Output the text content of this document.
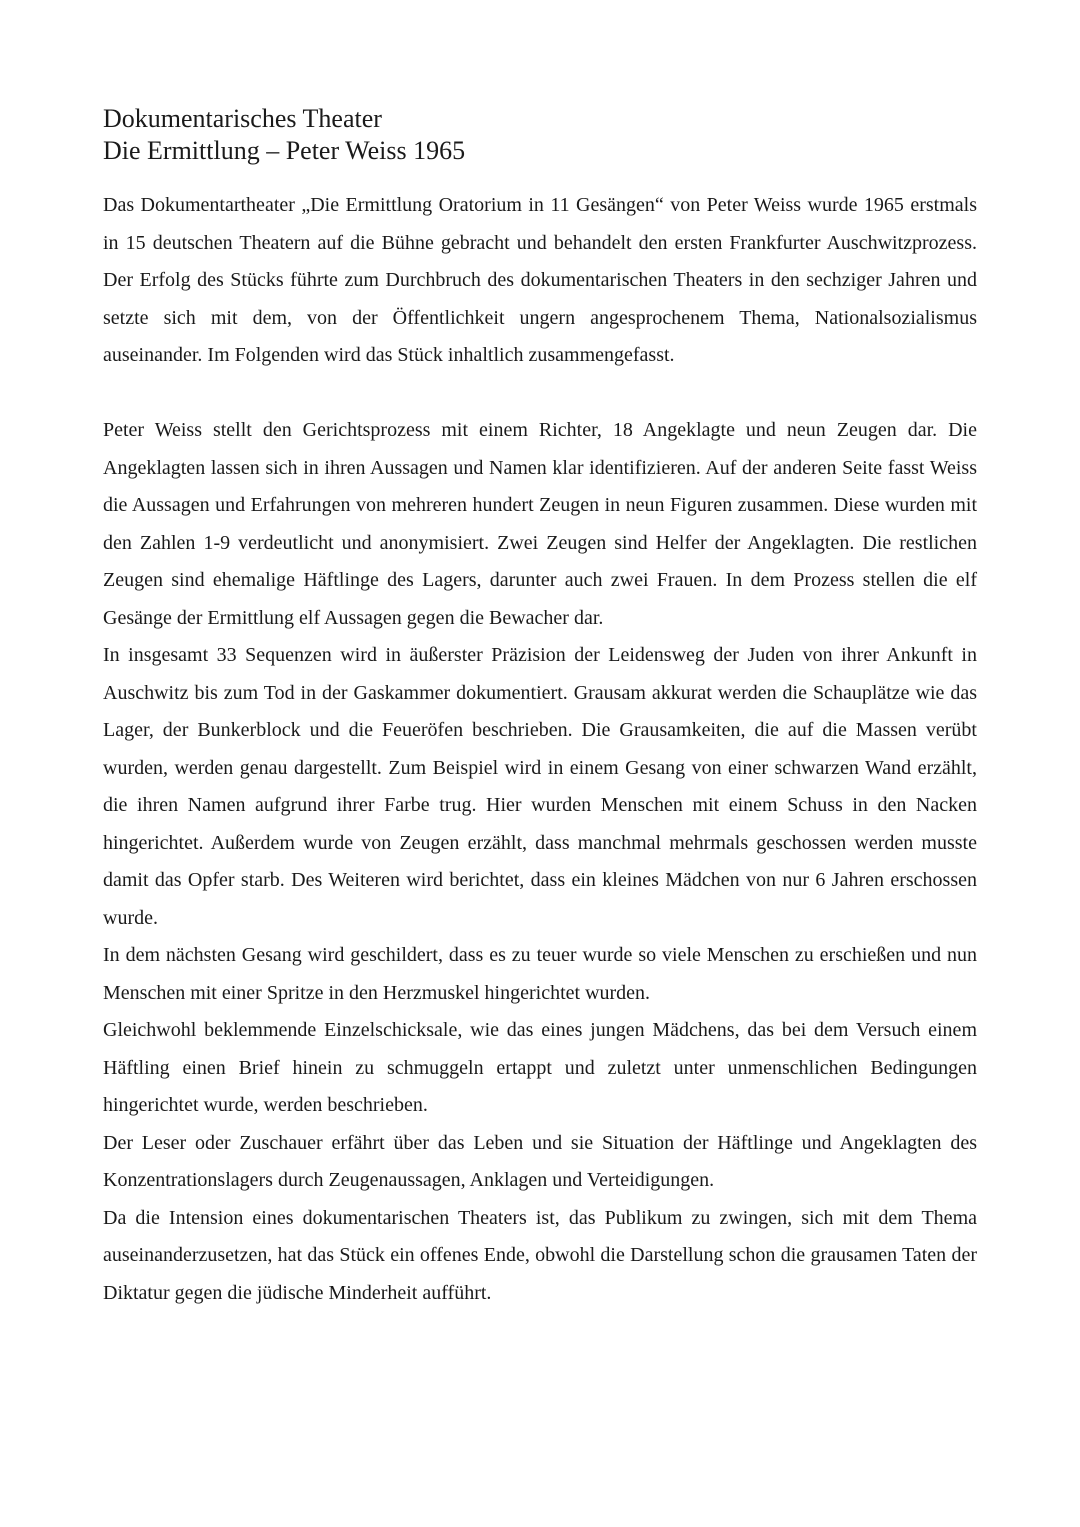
Dokumentarisches Theater
Die Ermittlung – Peter Weiss 1965

Das Dokumentartheater „Die Ermittlung Oratorium in 11 Gesängen“ von Peter Weiss wurde 1965 erstmals in 15 deutschen Theatern auf die Bühne gebracht und behandelt den ersten Frankfurter Auschwitzprozess. Der Erfolg des Stücks führte zum Durchbruch des dokumentarischen Theaters in den sechziger Jahren und setzte sich mit dem, von der Öffentlichkeit ungern angesprochenem Thema, Nationalsozialismus auseinander. Im Folgenden wird das Stück inhaltlich zusammengefasst.

Peter Weiss stellt den Gerichtsprozess mit einem Richter, 18 Angeklagte und neun Zeugen dar. Die Angeklagten lassen sich in ihren Aussagen und Namen klar identifizieren. Auf der anderen Seite fasst Weiss die Aussagen und Erfahrungen von mehreren hundert Zeugen in neun Figuren zusammen. Diese wurden mit den Zahlen 1-9 verdeutlicht und anonymisiert. Zwei Zeugen sind Helfer der Angeklagten. Die restlichen Zeugen sind ehemalige Häftlinge des Lagers, darunter auch zwei Frauen. In dem Prozess stellen die elf Gesänge der Ermittlung elf Aussagen gegen die Bewacher dar.

In insgesamt 33 Sequenzen wird in äußerster Präzision der Leidensweg der Juden von ihrer Ankunft in Auschwitz bis zum Tod in der Gaskammer dokumentiert. Grausam akkurat werden die Schauplätze wie das Lager, der Bunkerblock und die Feueröfen beschrieben. Die Grausamkeiten, die auf die Massen verübt wurden, werden genau dargestellt. Zum Beispiel wird in einem Gesang von einer schwarzen Wand erzählt, die ihren Namen aufgrund ihrer Farbe trug. Hier wurden Menschen mit einem Schuss in den Nacken hingerichtet. Außerdem wurde von Zeugen erzählt, dass manchmal mehrmals geschossen werden musste damit das Opfer starb. Des Weiteren wird berichtet, dass ein kleines Mädchen von nur 6 Jahren erschossen wurde.

In dem nächsten Gesang wird geschildert, dass es zu teuer wurde so viele Menschen zu erschießen und nun Menschen mit einer Spritze in den Herzmuskel hingerichtet wurden.

Gleichwohl beklemmende Einzelschicksale, wie das eines jungen Mädchens, das bei dem Versuch einem Häftling einen Brief hinein zu schmuggeln ertappt und zuletzt unter unmenschlichen Bedingungen hingerichtet wurde, werden beschrieben.

Der Leser oder Zuschauer erfährt über das Leben und sie Situation der Häftlinge und Angeklagten des Konzentrationslagers durch Zeugenaussagen, Anklagen und Verteidigungen.

Da die Intension eines dokumentarischen Theaters ist, das Publikum zu zwingen, sich mit dem Thema auseinanderzusetzen, hat das Stück ein offenes Ende, obwohl die Darstellung schon die grausamen Taten der Diktatur gegen die jüdische Minderheit aufführt.
